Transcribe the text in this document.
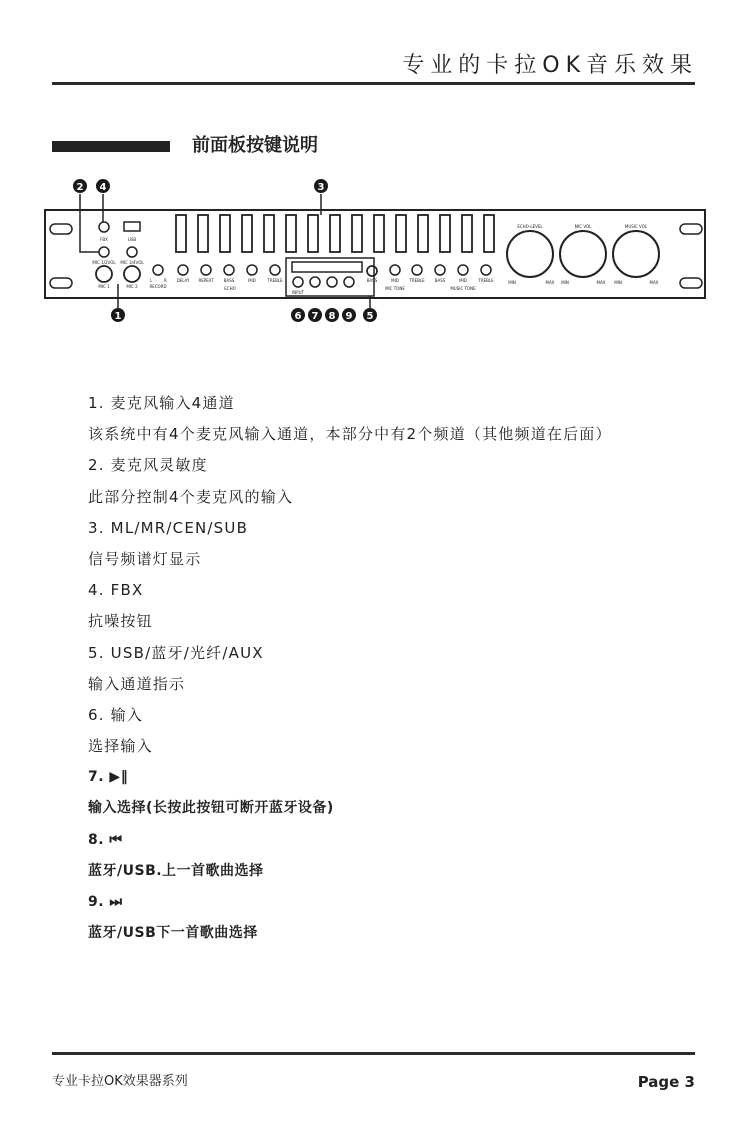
专业的卡拉OK音乐效果
前面板按键说明
FBX	USB
MIC 1/2VOL MIC 3/4VOL
MIC 1	MIC 2
L	R
RECORD
DELAY REPEAT	BASS	MID	TREBLE
ECHO
INPUT
BASS	MID	TREBLE
MIC TONE
BASS	MID	TREBLE
MUSIC TONE
ECHO-LEVEL
MIN	MAX
MIC VOL
MIN	MAX
MUSIC VOL
MIN	MAX
2 4	3
1	6 7 8 9 5
1. 麦克风输入4通道
该系统中有4个麦克风输入通道，本部分中有2个频道（其他频道在后面）
2. 麦克风灵敏度
此部分控制4个麦克风的输入
3. ML/MR/CEN/SUB
信号频谱灯显示
4. FBX
抗噪按钮
5. USB/蓝牙/光纤/AUX
输入通道指示
6. 输入
选择输入
7. ▶‖
输入选择(长按此按钮可断开蓝牙设备)
8. ⏮
蓝牙/USB.上一首歌曲选择
9. ⏭
蓝牙/USB下一首歌曲选择
专业卡拉OK效果器系列	Page 3
